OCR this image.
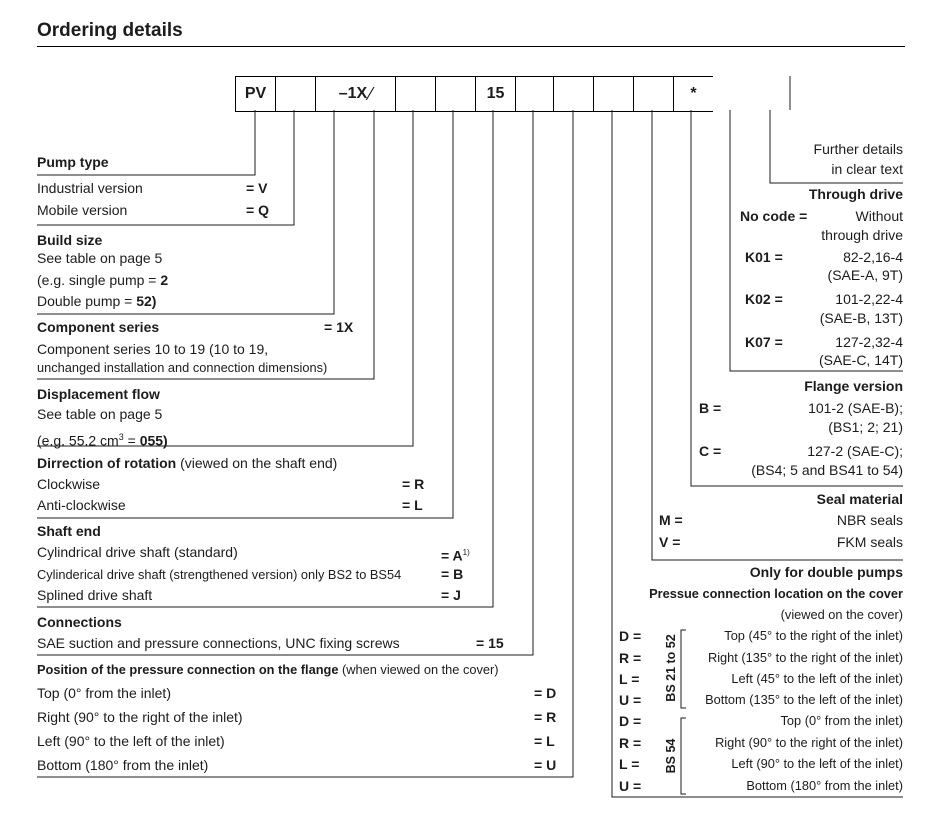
Ordering details
PV	–1X ⁄	15	*
Pump type
Industrial version	= V
Mobile version	= Q
Build size
See table on page 5
(e.g. single pump = 2
Double pump = 52)
Component series	= 1X
Component series 10 to 19 (10 to 19,
unchanged installation and connection dimensions)
Displacement flow
See table on page 5
(e.g. 55.2 $cm^3 = 055$)
Dirrection of rotation (viewed on the shaft end)
Clockwise	= R
Anti-clockwise	= L
Shaft end
Cylindrical drive shaft (standard)	= $A^{1)}$
Cylinderical drive shaft (strengthened version) only BS2 to BS54	= B
Splined drive shaft	= J
Connections
SAE suction and pressure connections, UNC fixing screws	= 15
Position of the pressure connection on the flange (when viewed on the cover)
Top (0° from the inlet)	= D
Right (90° to the right of the inlet)	= R
Left (90° to the left of the inlet)	= L
Bottom (180° from the inlet)	= U
Further details
in clear text
Through drive
No code =	Without
through drive
K01 =	82-2,16-4
(SAE-A, 9T)
K02 =	101-2,22-4
(SAE-B, 13T)
K07 =	127-2,32-4
(SAE-C, 14T)
Flange version
B =	101-2 (SAE-B);
(BS1; 2; 21)
C =	127-2 (SAE-C);
(BS4; 5 and BS41 to 54)
Seal material
M =	NBR seals
V =	FKM seals
Only for double pumps
Pressue connection location on the cover
(viewed on the cover)
BS 21 to 52
BS 54
D =	Top (45° to the right of the inlet)
R =	Right (135° to the right of the inlet)
L =	Left (45° to the left of the inlet)
U =	Bottom (135° to the left of the inlet)
D =	Top (0° from the inlet)
R =	Right (90° to the right of the inlet)
L =	Left (90° to the left of the inlet)
U =	Bottom (180° from the inlet)
